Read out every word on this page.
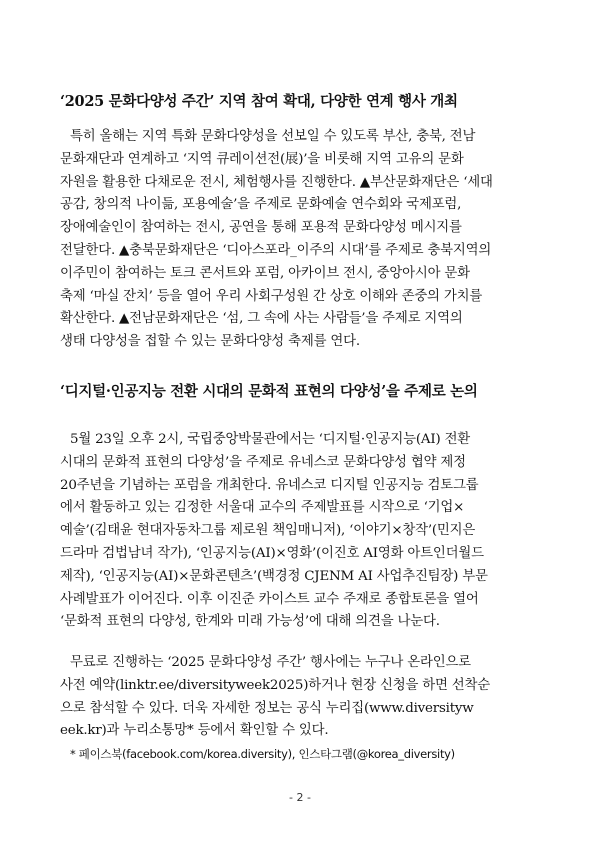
‘2025 문화다양성 주간’ 지역 참여 확대, 다양한 연계 행사 개최
특히 올해는 지역 특화 문화다양성을 선보일 수 있도록 부산, 충북, 전남
문화재단과 연계하고 ‘지역 큐레이션전(展)’을 비롯해 지역 고유의 문화
자원을 활용한 다채로운 전시, 체험행사를 진행한다. ▲부산문화재단은 ‘세대
공감, 창의적 나이듦, 포용예술’을 주제로 문화예술 연수회와 국제포럼,
장애예술인이 참여하는 전시, 공연을 통해 포용적 문화다양성 메시지를
전달한다. ▲충북문화재단은 ‘디아스포라_이주의 시대’를 주제로 충북지역의
이주민이 참여하는 토크 콘서트와 포럼, 아카이브 전시, 중앙아시아 문화
축제 ‘마실 잔치’ 등을 열어 우리 사회구성원 간 상호 이해와 존중의 가치를
확산한다. ▲전남문화재단은 ‘섬, 그 속에 사는 사람들’을 주제로 지역의
생태 다양성을 접할 수 있는 문화다양성 축제를 연다.
‘디지털·인공지능 전환 시대의 문화적 표현의 다양성’을 주제로 논의
5월 23일 오후 2시, 국립중앙박물관에서는 ‘디지털·인공지능(AI) 전환
시대의 문화적 표현의 다양성’을 주제로 유네스코 문화다양성 협약 제정
20주년을 기념하는 포럼을 개최한다. 유네스코 디지털 인공지능 검토그룹
에서 활동하고 있는 김정한 서울대 교수의 주제발표를 시작으로 ‘기업×
예술’(김태윤 현대자동차그룹 제로원 책임매니저), ‘이야기×창작’(민지은
드라마 검법남녀 작가), ‘인공지능(AI)×영화’(이진호 AI영화 아트인더월드
제작), ‘인공지능(AI)×문화콘텐츠’(백경정 CJENM AI 사업추진팀장) 부문
사례발표가 이어진다. 이후 이진준 카이스트 교수 주재로 종합토론을 열어
‘문화적 표현의 다양성, 한계와 미래 가능성’에 대해 의견을 나눈다.
무료로 진행하는 ‘2025 문화다양성 주간’ 행사에는 누구나 온라인으로
사전 예약(linktr.ee/diversityweek2025)하거나 현장 신청을 하면 선착순
으로 참석할 수 있다. 더욱 자세한 정보는 공식 누리집(www.diversityw
eek.kr)과 누리소통망* 등에서 확인할 수 있다.
* 페이스북(facebook.com/korea.diversity), 인스타그램(@korea_diversity)
- 2 -
